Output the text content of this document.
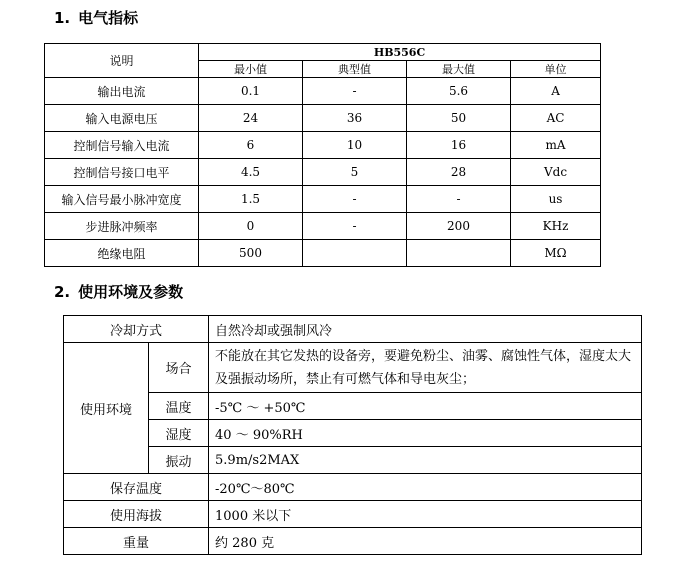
1. 电气指标
说明	HB556C			
	最小值	典型值	最大值	单位
输出电流	0.1	-	5.6	A
输入电源电压	24	36	50	AC
控制信号输入电流	6	10	16	mA
控制信号接口电平	4.5	5	28	Vdc
输入信号最小脉冲宽度	1.5	-	-	us
步进脉冲频率	0	-	200	KHz
绝缘电阻	500			MΩ
2. 使用环境及参数
冷却方式		自然冷却或强制风冷
使用环境	场合	不能放在其它发热的设备旁，要避免粉尘、油雾、腐蚀性气体，湿度太大及强振动场所，禁止有可燃气体和导电灰尘；
	温度	-5℃ ～ +50℃
	湿度	40 ～ 90%RH
	振动	5.9m/s2MAX
保存温度		-20℃～80℃
使用海拔		1000 米以下
重量		约 280 克
